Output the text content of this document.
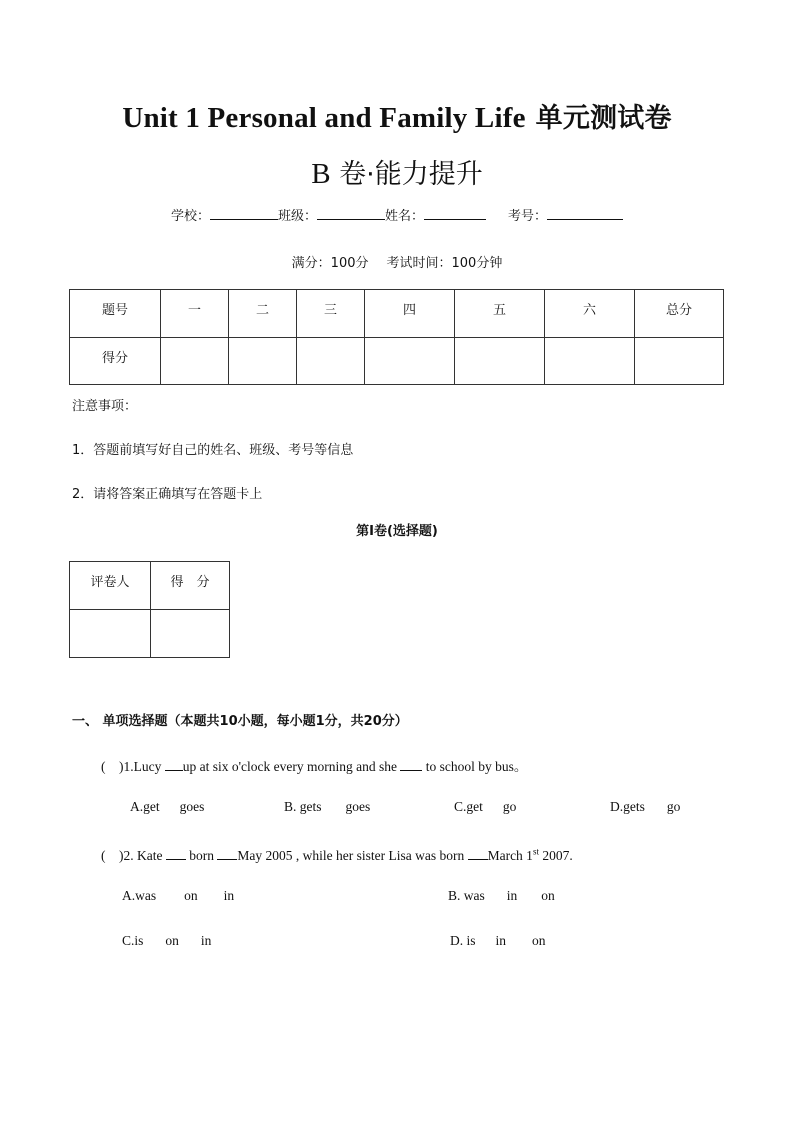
Unit 1 Personal and Family Life 单元测试卷
B 卷·能力提升
学校：	班级：	姓名：	考号：
满分：100分 考试时间：100分钟
题号	一	二	三	四	五	六	总分
得分							
注意事项：
1．答题前填写好自己的姓名、班级、考号等信息
2．请将答案正确填写在答题卡上
第Ⅰ卷(选择题)
评卷人	得　分

一、 单项选择题（本题共10小题，每小题1分，共20分）
(　)1.Lucy up at six o'clock every morning and she  to school by bus。
A.get goes	B. gets goes	C.get go	D.gets go
(　)2. Kate  born May 2005 , while her sister Lisa was born March 1st 2007.
A.was on in	B. was in on
C.is on in	D. is in on
